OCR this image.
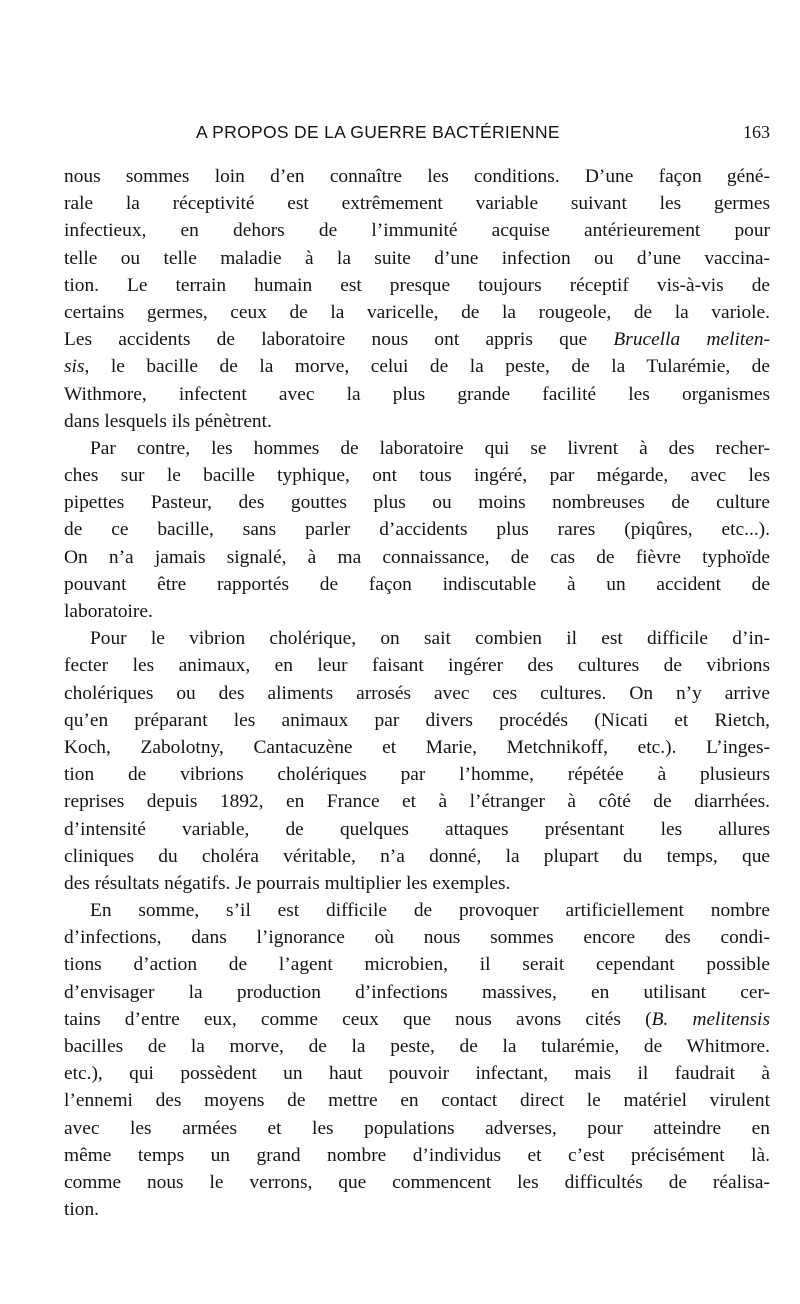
A PROPOS DE LA GUERRE BACTÉRIENNE	163
nous sommes loin d’en connaître les conditions. D’une façon géné-
rale la réceptivité est extrêmement variable suivant les germes
infectieux, en dehors de l’immunité acquise antérieurement pour
telle ou telle maladie à la suite d’une infection ou d’une vaccina-
tion. Le terrain humain est presque toujours réceptif vis-à-vis de
certains germes, ceux de la varicelle, de la rougeole, de la variole.
Les accidents de laboratoire nous ont appris que Brucella meliten-
sis, le bacille de la morve, celui de la peste, de la Tularémie, de
Withmore, infectent avec la plus grande facilité les organismes
dans lesquels ils pénètrent.
Par contre, les hommes de laboratoire qui se livrent à des recher-
ches sur le bacille typhique, ont tous ingéré, par mégarde, avec les
pipettes Pasteur, des gouttes plus ou moins nombreuses de culture
de ce bacille, sans parler d’accidents plus rares (piqûres, etc...).
On n’a jamais signalé, à ma connaissance, de cas de fièvre typhoïde
pouvant être rapportés de façon indiscutable à un accident de
laboratoire.
Pour le vibrion cholérique, on sait combien il est difficile d’in-
fecter les animaux, en leur faisant ingérer des cultures de vibrions
cholériques ou des aliments arrosés avec ces cultures. On n’y arrive
qu’en préparant les animaux par divers procédés (Nicati et Rietch,
Koch, Zabolotny, Cantacuzène et Marie, Metchnikoff, etc.). L’inges-
tion de vibrions cholériques par l’homme, répétée à plusieurs
reprises depuis 1892, en France et à l’étranger à côté de diarrhées.
d’intensité variable, de quelques attaques présentant les allures
cliniques du choléra véritable, n’a donné, la plupart du temps, que
des résultats négatifs. Je pourrais multiplier les exemples.
En somme, s’il est difficile de provoquer artificiellement nombre
d’infections, dans l’ignorance où nous sommes encore des condi-
tions d’action de l’agent microbien, il serait cependant possible
d’envisager la production d’infections massives, en utilisant cer-
tains d’entre eux, comme ceux que nous avons cités (B. melitensis
bacilles de la morve, de la peste, de la tularémie, de Whitmore.
etc.), qui possèdent un haut pouvoir infectant, mais il faudrait à
l’ennemi des moyens de mettre en contact direct le matériel virulent
avec les armées et les populations adverses, pour atteindre en
même temps un grand nombre d’individus et c’est précisément là.
comme nous le verrons, que commencent les difficultés de réalisa-
tion.
